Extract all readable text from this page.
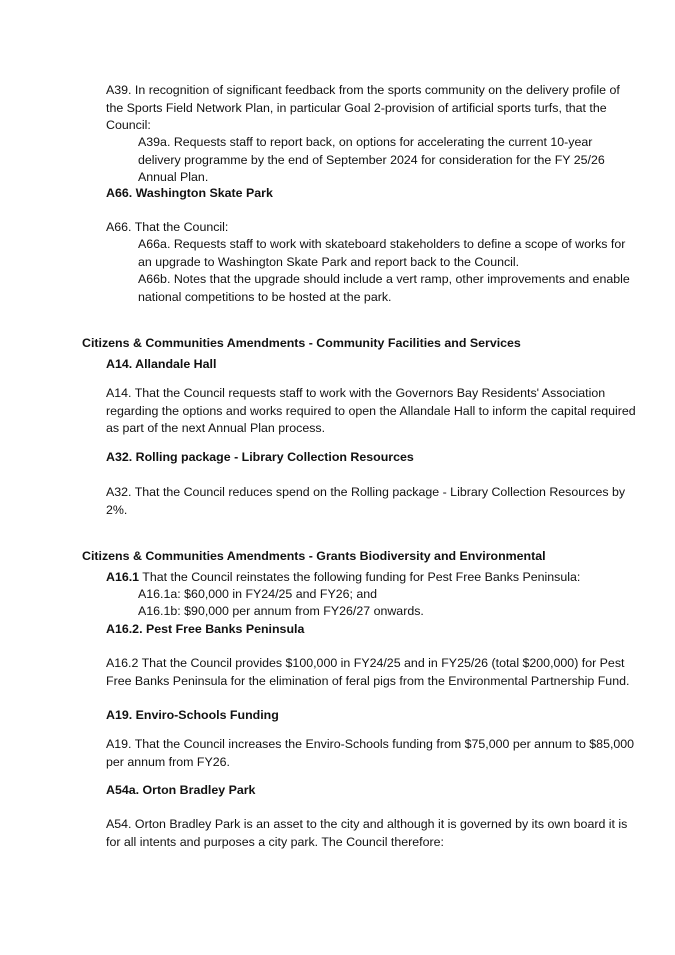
A39. In recognition of significant feedback from the sports community on the delivery profile of the Sports Field Network Plan, in particular Goal 2-provision of artificial sports turfs, that the Council:

A39a. Requests staff to report back, on options for accelerating the current 10-year delivery programme by the end of September 2024 for consideration for the FY 25/26 Annual Plan.

A66. Washington Skate Park

A66. That the Council:

A66a. Requests staff to work with skateboard stakeholders to define a scope of works for an upgrade to Washington Skate Park and report back to the Council.

A66b. Notes that the upgrade should include a vert ramp, other improvements and enable national competitions to be hosted at the park.

Citizens & Communities Amendments - Community Facilities and Services

A14. Allandale Hall

A14. That the Council requests staff to work with the Governors Bay Residents' Association regarding the options and works required to open the Allandale Hall to inform the capital required as part of the next Annual Plan process.

A32. Rolling package - Library Collection Resources

A32. That the Council reduces spend on the Rolling package - Library Collection Resources by 2%.

Citizens & Communities Amendments - Grants Biodiversity and Environmental

A16.1 That the Council reinstates the following funding for Pest Free Banks Peninsula:

A16.1a: $60,000 in FY24/25 and FY26; and

A16.1b: $90,000 per annum from FY26/27 onwards.

A16.2. Pest Free Banks Peninsula

A16.2 That the Council provides $100,000 in FY24/25 and in FY25/26 (total $200,000) for Pest Free Banks Peninsula for the elimination of feral pigs from the Environmental Partnership Fund.

A19. Enviro-Schools Funding

A19. That the Council increases the Enviro-Schools funding from $75,000 per annum to $85,000 per annum from FY26.

A54a. Orton Bradley Park

A54. Orton Bradley Park is an asset to the city and although it is governed by its own board it is for all intents and purposes a city park. The Council therefore:
